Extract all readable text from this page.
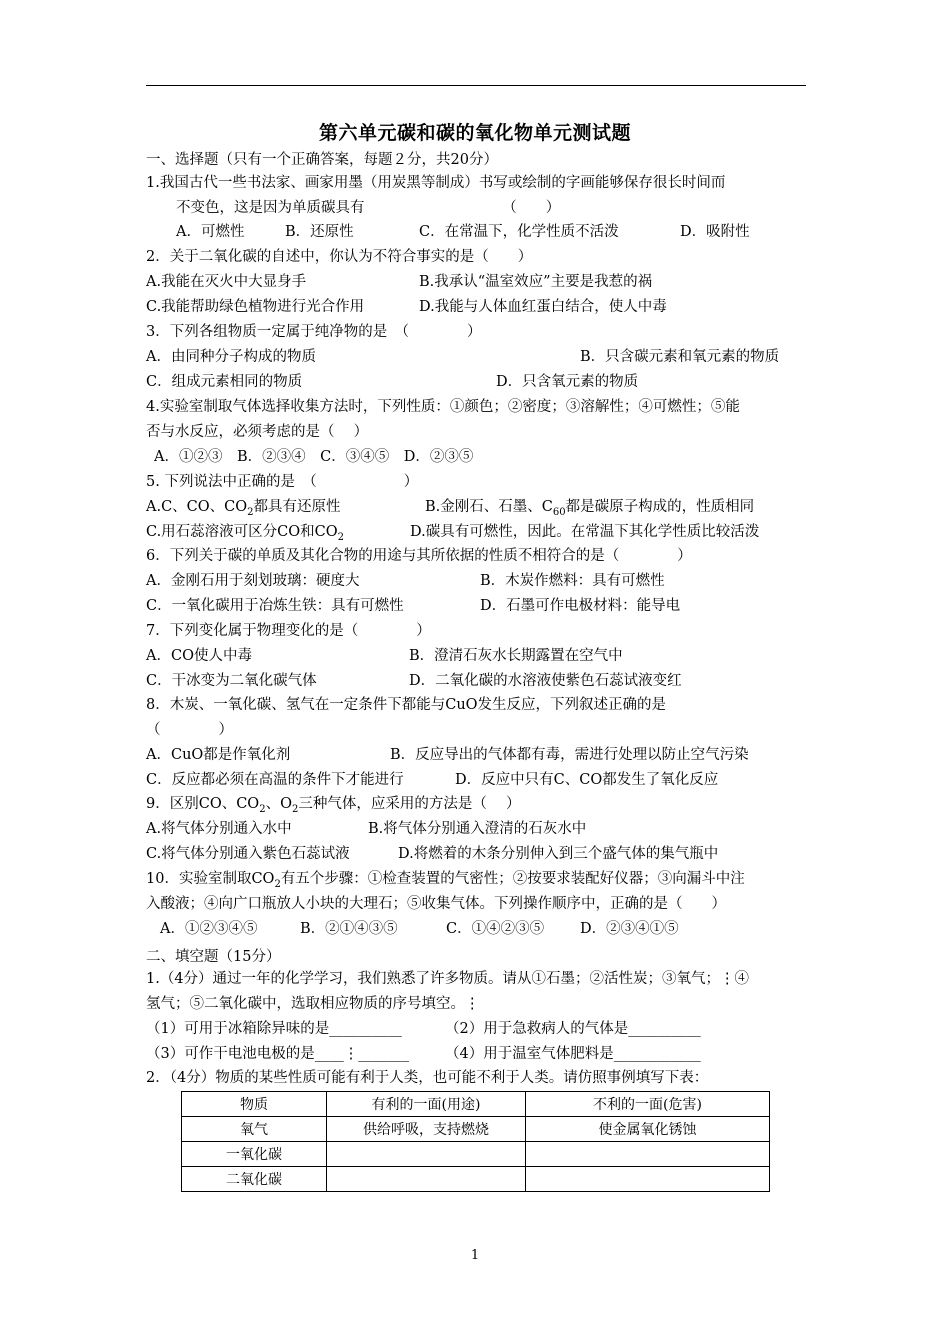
第六单元碳和碳的氧化物单元测试题
一、选择题（只有一个正确答案，每题２分，共20分）
1.我国古代一些书法家、画家用墨（用炭黑等制成）书写或绘制的字画能够保存很长时间而
不变色，这是因为单质碳具有　　　　　　　　　　（　　）
A．可燃性	B．还原性	C．在常温下，化学性质不活泼	D．吸附性
2．关于二氧化碳的自述中，你认为不符合事实的是（　　）
A.我能在灭火中大显身手	B.我承认“温室效应”主要是我惹的祸
C.我能帮助绿色植物进行光合作用	D.我能与人体血红蛋白结合，使人中毒
3．下列各组物质一定属于纯净物的是　（　　　　）
A．由同种分子构成的物质	B．只含碳元素和氧元素的物质
C．组成元素相同的物质	D．只含氧元素的物质
4.实验室制取气体选择收集方法时，下列性质：①颜色；②密度；③溶解性；④可燃性；⑤能
否与水反应，必须考虑的是（　 ）
A．①②③　B．②③④　C．③④⑤　D．②③⑤
5. 下列说法中正确的是　（　　　　　　）
A.C、CO、$CO_2$都具有还原性	B.金刚石、石墨、$C_{60}$都是碳原子构成的，性质相同
C.用石蕊溶液可区分CO和$CO_2$	D.碳具有可燃性，因此。在常温下其化学性质比较活泼
6．下列关于碳的单质及其化合物的用途与其所依据的性质不相符合的是（　　　　）
A．金刚石用于刻划玻璃：硬度大	B．木炭作燃料：具有可燃性
C．一氧化碳用于冶炼生铁：具有可燃性	D．石墨可作电极材料：能导电
7．下列变化属于物理变化的是（　　　　）
A．CO使人中毒	B．澄清石灰水长期露置在空气中
C．干冰变为二氧化碳气体	D．二氧化碳的水溶液使紫色石蕊试液变红
8．木炭、一氧化碳、氢气在一定条件下都能与CuO发生反应，下列叙述正确的是
（　　　　）
A．CuO都是作氧化剂	B．反应导出的气体都有毒，需进行处理以防止空气污染
C．反应都必须在高温的条件下才能进行	D．反应中只有C、CO都发生了氧化反应
9．区别CO、$CO_2$、$O_2$三种气体，应采用的方法是（　 ）
A.将气体分别通入水中	B.将气体分别通入澄清的石灰水中
C.将气体分别通入紫色石蕊试液	D.将燃着的木条分别伸入到三个盛气体的集气瓶中
10．实验室制取$CO_2$有五个步骤：①检查装置的气密性；②按要求装配好仪器；③向漏斗中注
入酸液；④向广口瓶放人小块的大理石；⑤收集气体。下列操作顺序中，正确的是（　　）
A．①②③④⑤	B．②①④③⑤	C．①④②③⑤ D．②③④①⑤
二、填空题（15分）
1.（4分）通过一年的化学学习，我们熟悉了许多物质。请从①石墨；②活性炭；③氧气；⋮④
氢气；⑤二氧化碳中，选取相应物质的序号填空。⋮
（1）可用于冰箱除异味的是__________	（2）用于急救病人的气体是__________
（3）可作干电池电极的是____⋮_______ （4）用于温室气体肥料是____________
2．（4分）物质的某些性质可能有利于人类，也可能不利于人类。请仿照事例填写下表：
物质	有利的一面(用途)	不利的一面(危害)
氧气	供给呼吸，支持燃烧	使金属氧化锈蚀
一氧化碳		
二氧化碳		
1
